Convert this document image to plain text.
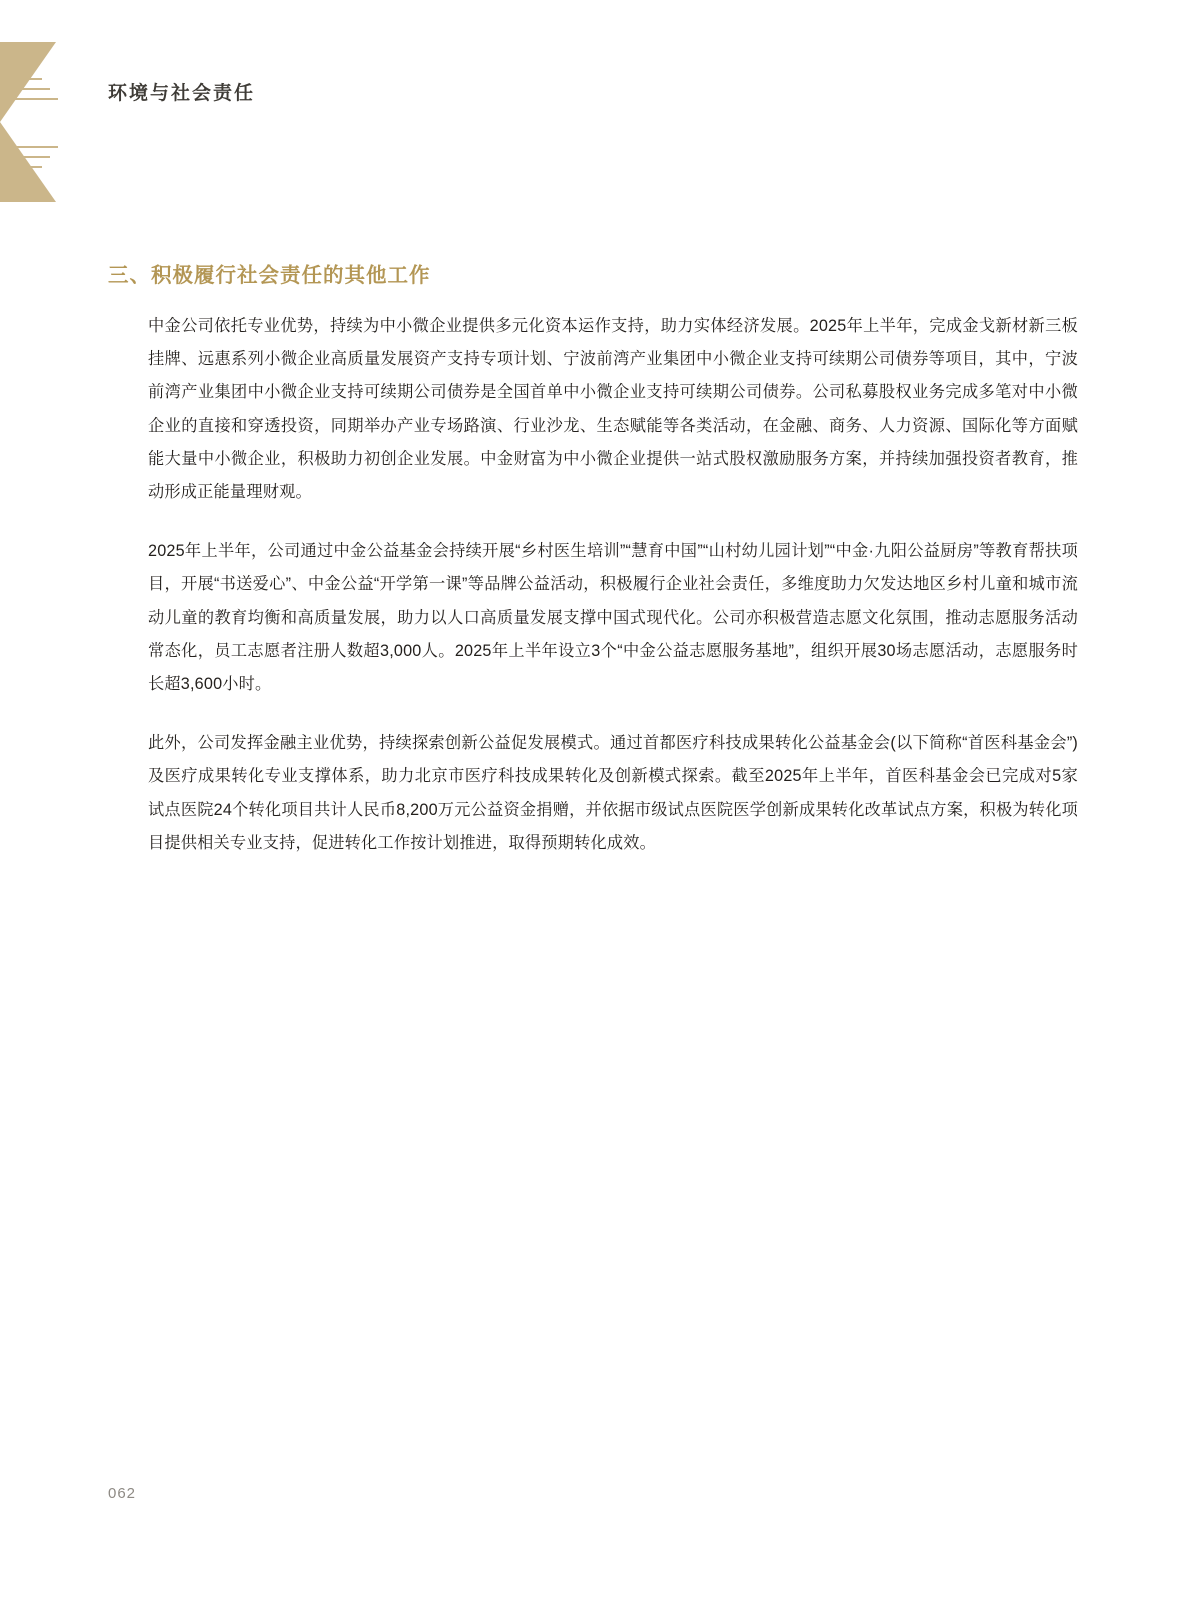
环境与社会责任
三、积极履行社会责任的其他工作

中金公司依托专业优势，持续为中小微企业提供多元化资本运作支持，助力实体经济发展。2025年上半年，完成金戈新材新三板挂牌、远惠系列小微企业高质量发展资产支持专项计划、宁波前湾产业集团中小微企业支持可续期公司债券等项目，其中，宁波前湾产业集团中小微企业支持可续期公司债券是全国首单中小微企业支持可续期公司债券。公司私募股权业务完成多笔对中小微企业的直接和穿透投资，同期举办产业专场路演、行业沙龙、生态赋能等各类活动，在金融、商务、人力资源、国际化等方面赋能大量中小微企业，积极助力初创企业发展。中金财富为中小微企业提供一站式股权激励服务方案，并持续加强投资者教育，推动形成正能量理财观。

2025年上半年，公司通过中金公益基金会持续开展“乡村医生培训”“慧育中国”“山村幼儿园计划”“中金·九阳公益厨房”等教育帮扶项目，开展“书送爱心”、中金公益“开学第一课”等品牌公益活动，积极履行企业社会责任，多维度助力欠发达地区乡村儿童和城市流动儿童的教育均衡和高质量发展，助力以人口高质量发展支撑中国式现代化。公司亦积极营造志愿文化氛围，推动志愿服务活动常态化，员工志愿者注册人数超3,000人。2025年上半年设立3个“中金公益志愿服务基地”，组织开展30场志愿活动，志愿服务时长超3,600小时。

此外，公司发挥金融主业优势，持续探索创新公益促发展模式。通过首都医疗科技成果转化公益基金会(以下简称“首医科基金会”)及医疗成果转化专业支撑体系，助力北京市医疗科技成果转化及创新模式探索。截至2025年上半年，首医科基金会已完成对5家试点医院24个转化项目共计人民币8,200万元公益资金捐赠，并依据市级试点医院医学创新成果转化改革试点方案，积极为转化项目提供相关专业支持，促进转化工作按计划推进，取得预期转化成效。

062
